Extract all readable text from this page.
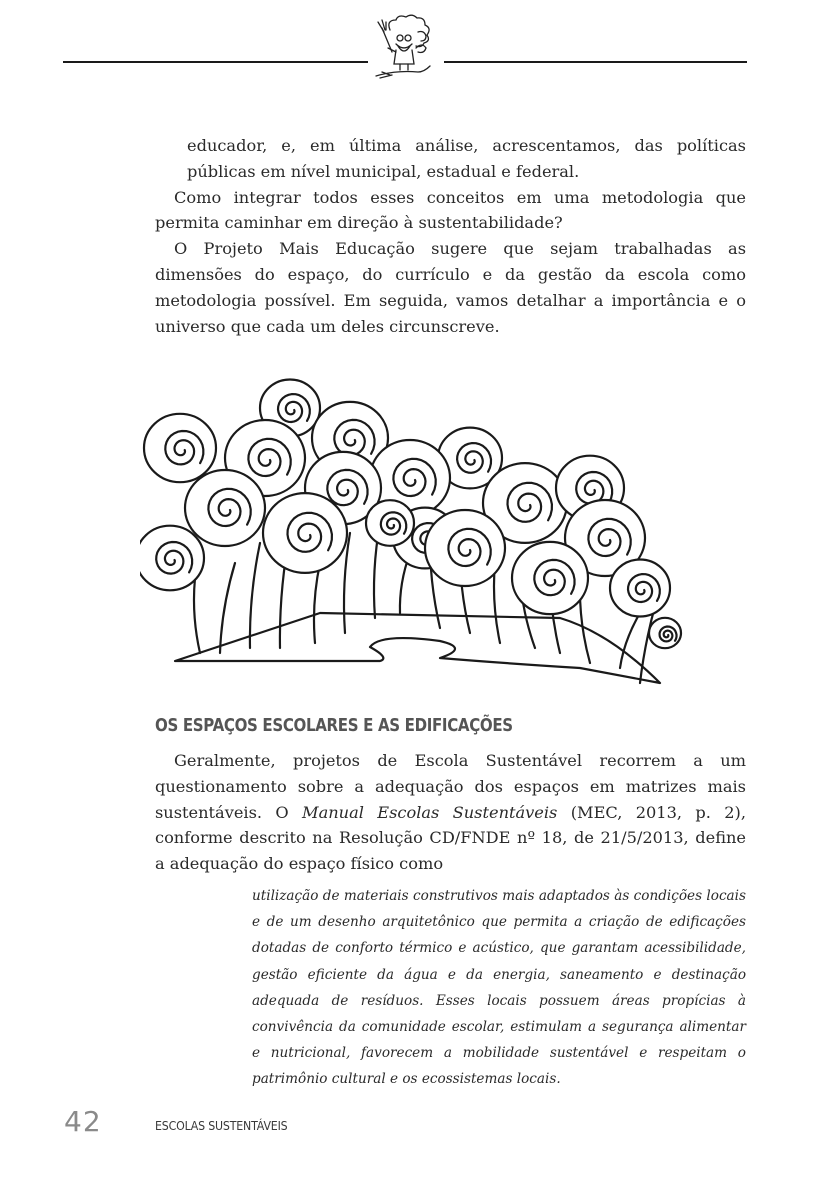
educador, e, em última análise, acrescentamos, das políticas públicas em nível municipal, estadual e federal.

Como integrar todos esses conceitos em uma metodologia que permita caminhar em direção à sustentabilidade?

O Projeto Mais Educação sugere que sejam trabalhadas as dimensões do espaço, do currículo e da gestão da escola como metodologia possível. Em seguida, vamos detalhar a importância e o universo que cada um deles circunscreve.

OS ESPAÇOS ESCOLARES E AS EDIFICAÇÕES

Geralmente, projetos de Escola Sustentável recorrem a um questionamento sobre a adequação dos espaços em matrizes mais sustentáveis. O Manual Escolas Sustentáveis (MEC, 2013, p. 2), conforme descrito na Resolução CD/FNDE nº 18, de 21/5/2013, define a adequação do espaço físico como

utilização de materiais construtivos mais adaptados às condições locais e de um desenho arquitetônico que permita a criação de edificações dotadas de conforto térmico e acústico, que garantam acessibilidade, gestão eficiente da água e da energia, saneamento e destinação adequada de resíduos. Esses locais possuem áreas propícias à convivência da comunidade escolar, estimulam a segurança alimentar e nutricional, favorecem a mobilidade sustentável e respeitam o patrimônio cultural e os ecossistemas locais.

42	ESCOLAS SUSTENTÁVEIS
